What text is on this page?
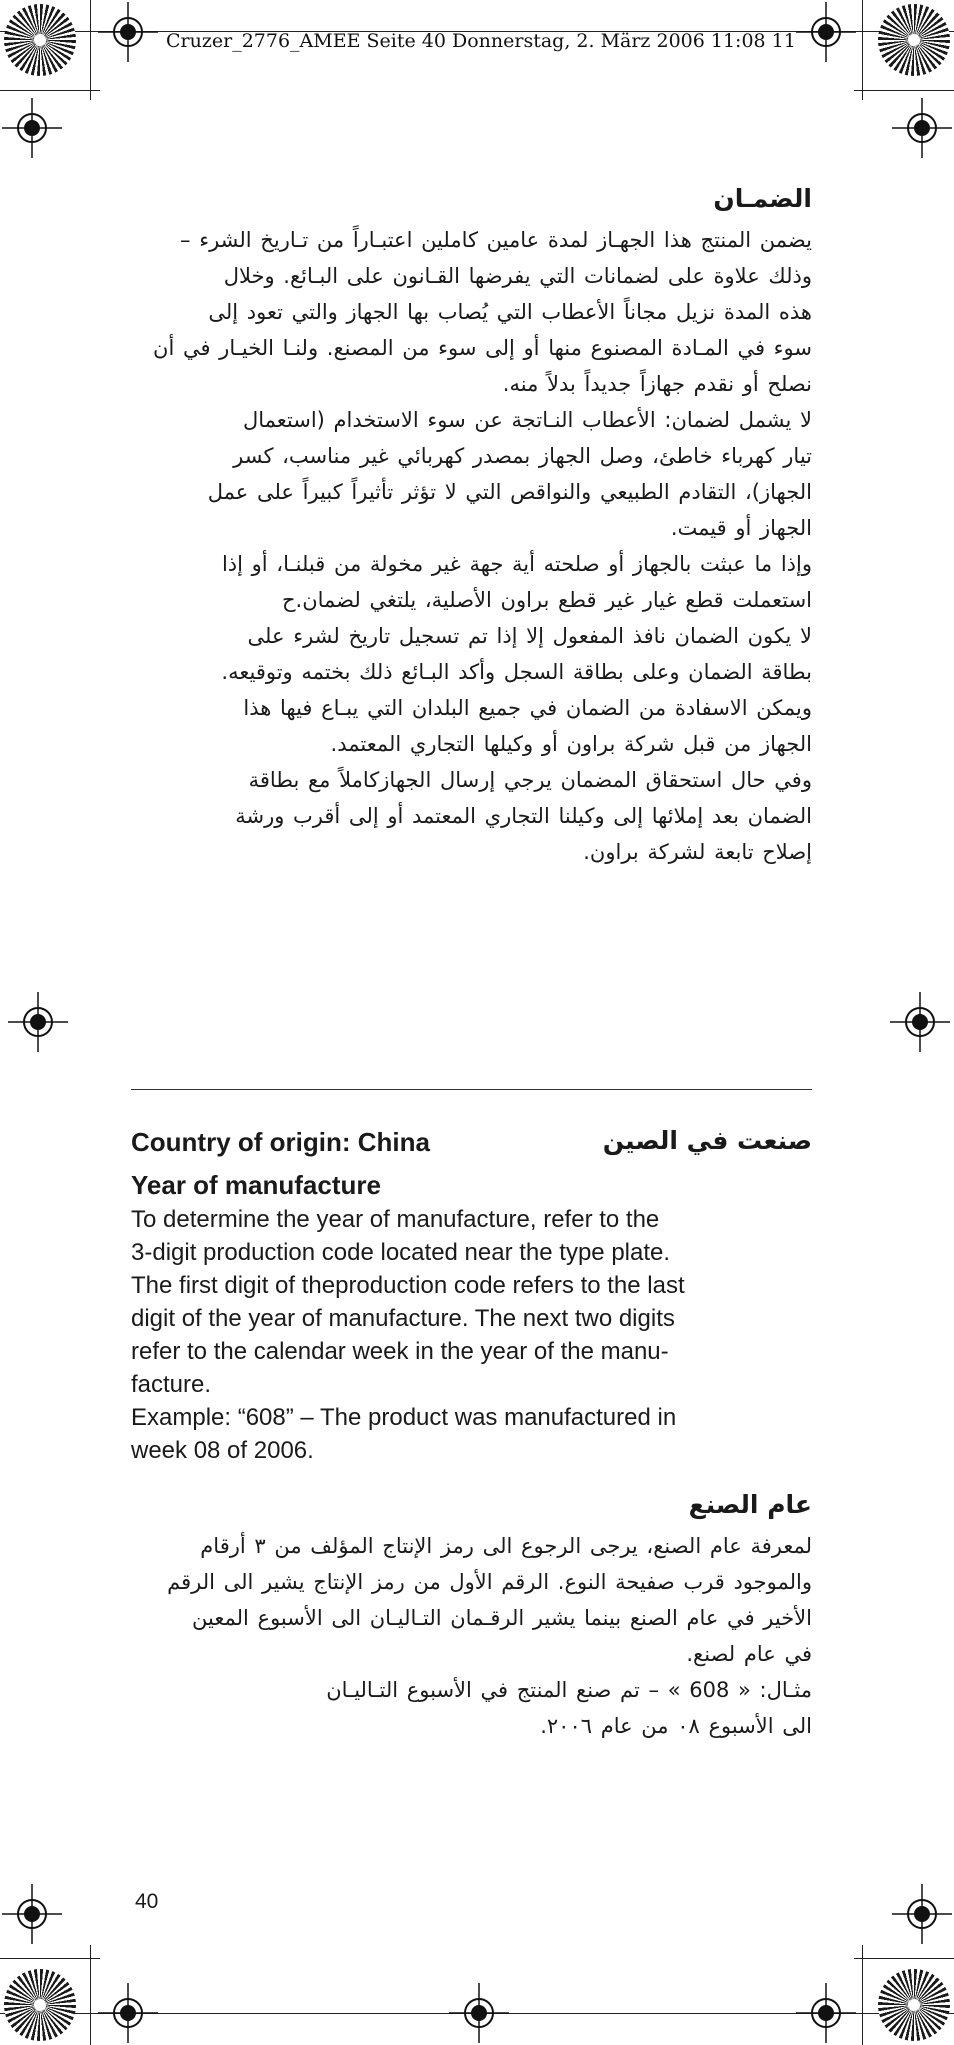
Cruzer_2776_AMEE Seite 40 Donnerstag, 2. März 2006 11:08 11
الضمـان
يضمن المنتج هذا الجهـاز لمدة عامين كاملين اعتبـاراً من تـاريخ الشرء –
وذلك علاوة على لضمانات التي يفرضها القـانون على البـائع. وخلال
هذه المدة نزيل مجاناً الأعطاب التي يُصاب بها الجهاز والتي تعود إلى
سوء في المـادة المصنوع منها أو إلى سوء من المصنع. ولنـا الخيـار في أن
نصلح أو نقدم جهازاً جديداً بدلاً منه.
لا يشمل لضمان: الأعطاب النـاتجة عن سوء الاستخدام (استعمال
تيار كهرباء خاطئ، وصل الجهاز بمصدر كهربائي غير مناسب، كسر
الجهاز)، التقادم الطبيعي والنواقص التي لا تؤثر تأثيراً كبيراً على عمل
الجهاز أو قيمت.
وإذا ما عبثت بالجهاز أو صلحته أية جهة غير مخولة من قبلنـا، أو إذا
استعملت قطع غيار غير قطع براون الأصلية، يلتغي لضمان.ح
لا يكون الضمان نافذ المفعول إلا إذا تم تسجيل تاريخ لشرء على
بطاقة الضمان وعلى بطاقة السجل وأكد البـائع ذلك بختمه وتوقيعه.
ويمكن الاسفادة من الضمان في جميع البلدان التي يبـاع فيها هذا
الجهاز من قبل شركة براون أو وكيلها التجاري المعتمد.
وفي حال استحقاق المضمان يرجي إرسال الجهازكاملاً مع بطاقة
الضمان بعد إملائها إلى وكيلنا التجاري المعتمد أو إلى أقرب ورشة
إصلاح تابعة لشركة براون.
Country of origin: China	صنعت في الصين
Year of manufacture
To determine the year of manufacture, refer to the
3-digit production code located near the type plate.
The first digit of theproduction code refers to the last
digit of the year of manufacture. The next two digits
refer to the calendar week in the year of the manu-
facture.
Example: “608” – The product was manufactured in
week 08 of 2006.
عام الصنع
لمعرفة عام الصنع، يرجى الرجوع الى رمز الإنتاج المؤلف من ٣ أرقام
والموجود قرب صفيحة النوع. الرقم الأول من رمز الإنتاج يشير الى الرقم
الأخير في عام الصنع بينما يشير الرقـمان التـاليـان الى الأسبوع المعين
في عام لصنع.
مثـال: « 608 » – تم صنع المنتج في الأسبوع التـاليـان
الى الأسبوع ٠٨ من عام ٢٠٠٦.
40
